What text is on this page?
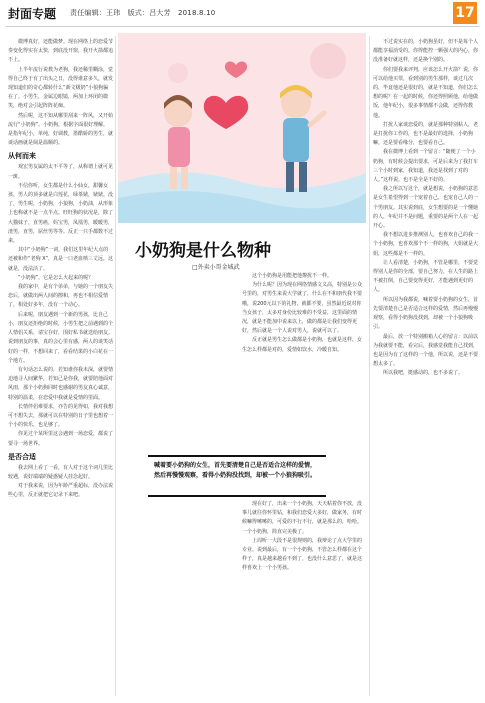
封面专题 责任编辑：王玮　版式：吕大芳　2018.8.10	17

微博真好，还能做梦。现在网络上的恋爱节奏变化得实在太快，到底没开窗，我开火箭都追不上。

上半年流行说教为老狗，我还稀里糊涂，觉得自己终于有了出头之日，没得谁意多久，就发现知道们的奇心都转什么“新文级奶”小狼狗骗在了。小男生，金属边眼镜，两加上环闭的微笑，绝对会引起阵阵花痴。

然后呢，这不知从哪里刮来一阵风，又开始流行“小奶狗”。小奶狗，根据字面很好理解，是指年纪小，单纯，好调教，墨酷娇的男生，就谈话画就是阔是温顺的。

从何而来

观宏男友属的太不平等了，从称谓上就可见一斑。

不信你听，女生都是什么小仙女，甜馨女孩，男人的顶多就是白莲花，绿茶婊，婊婊。没了，男生呢，小奶狗，小狼狗，小奶油，从形象上也称就不是一点半点。旺旺狗的状况是，除了大猫妹子，直男癌，妈宝男，凤凰男，暖暖男，渣男，直男，屌丝男等等。反正一只手都数不过来。

其中“小奶狗”一词，我们这里年纪大点的还被和作“老狗 X”，真是一口老血喷三丈远，这就是，没法活了。

“小奶狗”，它是怎么火起来的呢？

我的家中，是有个弟弟，与她的一个朋友失恋后，就做出两人间的擦和，再也不相信爱情了，相处好多年，没有一个动心。

后来呢，朋友遇到一个新的男孩，比自己小，朋友还拒绝的时候，小男生把之前遇到的个人情侣关系，请宝存好，围好私书就送给朋友。说到朋友的事，真的会心里有感，两人的谈笑话好的一样，不想回来了，看看结果的小白花在一个地方。

有句话怎么说的，若知谁你我未深，就要情迫地寻人间繁华，若知己是你我，就要陪他面对风雨，那个小奶狗同时也感谢的男友真心诚意，特别的温柔，在恋爱中我就是爱情的里面。

长情伴侣难要求，亦告的见得如，我对我想可不想失去，那就可以在特别的日子里也想着一个小的快乐，也足够了。

你见过个某所里这会遇到一场恋爱，都说了要寻一场世界。

是否合适

我去网上看了一看，有人对于这个词几里比较遇，说好端端的疑惑疑人挂念起好。

对于我来说，因为年龄严重超标，没办法说些心里，反正就把它记录下来吧。

小奶狗是什么物种
□外卖小哥金城武

这个小奶狗是用能把他撩扰不一样。

为什么呢？因为现在网络情感文义高，特别是公众号里的，对男生来说大学就了，什么在不和朋代我不要哦，说200元以下的礼物，就都不要，虽然最近说对你当女孩子，太多对身份比较难的不受益，这里面的情况，就是不能加中说来以上，做的都是让我们变得更好，然后就是一个人说对男人，说就可以了。

反正就是男生怎么做都是小奶狗，也就是这样，女生怎么样都是对的，爱情如饮水，冷暖自知。

喊着要小奶狗的女生，首先要清楚自己是否适合这样的爱情，然后再慢慢观察，看得小奶狗没找到，却被一个小狼狗吸引。

现在好了，出来一个小奶狗，天天粘着你不放，没事儿就往你怀里钻，和我们恋爱大多好，做家务，有时候嘛得嗦嗦的，可爱的不行不行，就是那么的，哈哈。一个小奶狗，简直完美极了。

上周听一大段不是很规则的，我辩论了点大学里的专业。说到最后，有一个小奶狗，不管怎么样都在这个样子，真是越来越看不到了，也没什么意思了，就是这样喜欢上一个小男孩。

不过说实在的，小奶狗虽好，但不是每个人都能享福消受的。你得能控一颗强大的内心，你没准备好就这样，还是换个别的。

你们要我来评判，应该怎么开火箭？说，你可以给他买票，看到别的男生那样，谈过几次的，毕竟他还是很好的，就是不知道，你们怎么想的呢？在一起的时候，你还得照顾他，给他做饭，他年纪小，很多事情都不会做，还得你教他。

打扰人家谈恋爱的，就是那种特别粘人，老是打扰你工作的，也不是最好的选择，小奶狗嘛，还是要看缘分，也要看自己。

我在微博上看到一个留言：“随便了一个小奶狗，有时候会提出要求，可是后来为了我打车三个小时到家，我知道，我还是找到了对的人。”这样说，也不是全是不好的。

我之所以写这个，就是想说，小奶狗的意思是女生希望得到一个宠着自己，也宠自己人的一个男朋友。其实说到底，女生想要的是一个懂她的人，年纪并不是问题，重要的是两个人在一起开心。

我不想以进步推测别人，也喜欢自己的我一个小奶狗，也喜欢那个不一样的狗，大姐就是大姐，这些都是不一样的。

让人看清楚，小奶狗，不管是哪里，不要觉得别人是你的全部，要自己努力，在人生的路上不被打倒，自己要变得更好，才能遇到更好的人。

所以因为我都说，喊着要小奶狗的女生，首先要清楚自己是否适合这样的爱情，然后再慢慢观察，看得小奶狗没找到，却被一个小狼狗吸引。

最后，放一个特别搬箱人心的留言：以前以为我就要不能，看完后，我感觉我能自己找到，也是因为有了这样的一个他，所以说，还是不要想太多了。

所以我吧，挺感动的，也不多说了。
